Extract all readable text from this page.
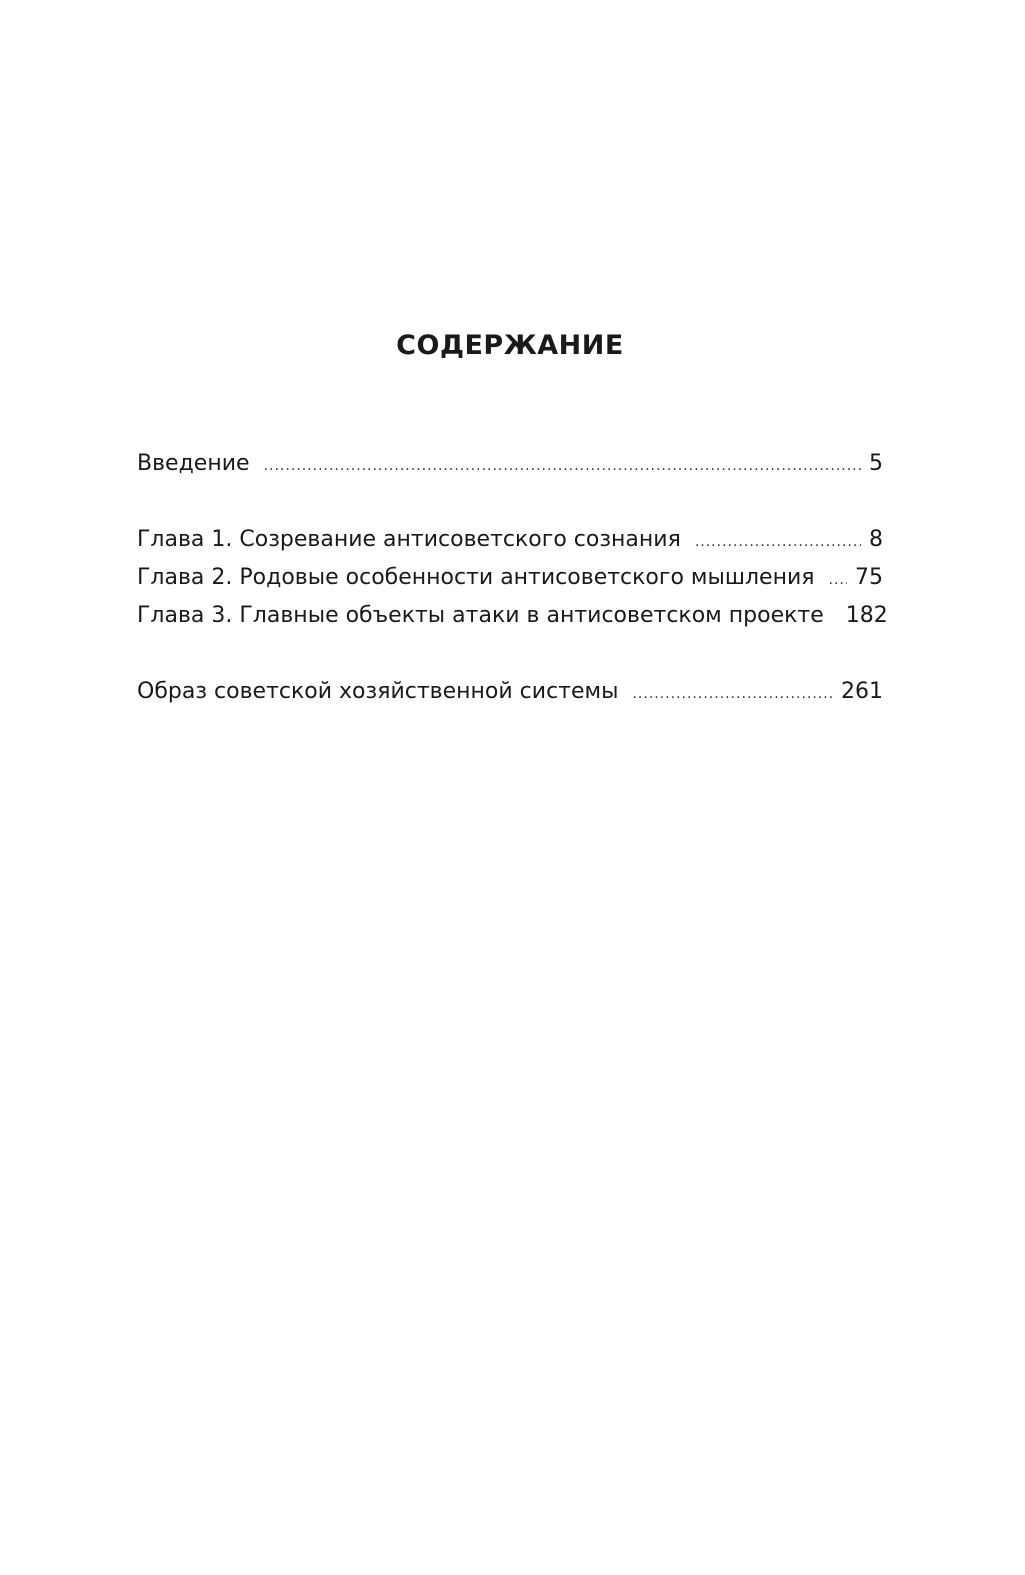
СОДЕРЖАНИЕ
Введение .....	5
Глава 1. Созревание антисоветского сознания .....	8
Глава 2. Родовые особенности антисоветского мышления ..... 75
Глава 3. Главные объекты атаки в антисоветском проекте 182
Образ советской хозяйственной системы .....	261
